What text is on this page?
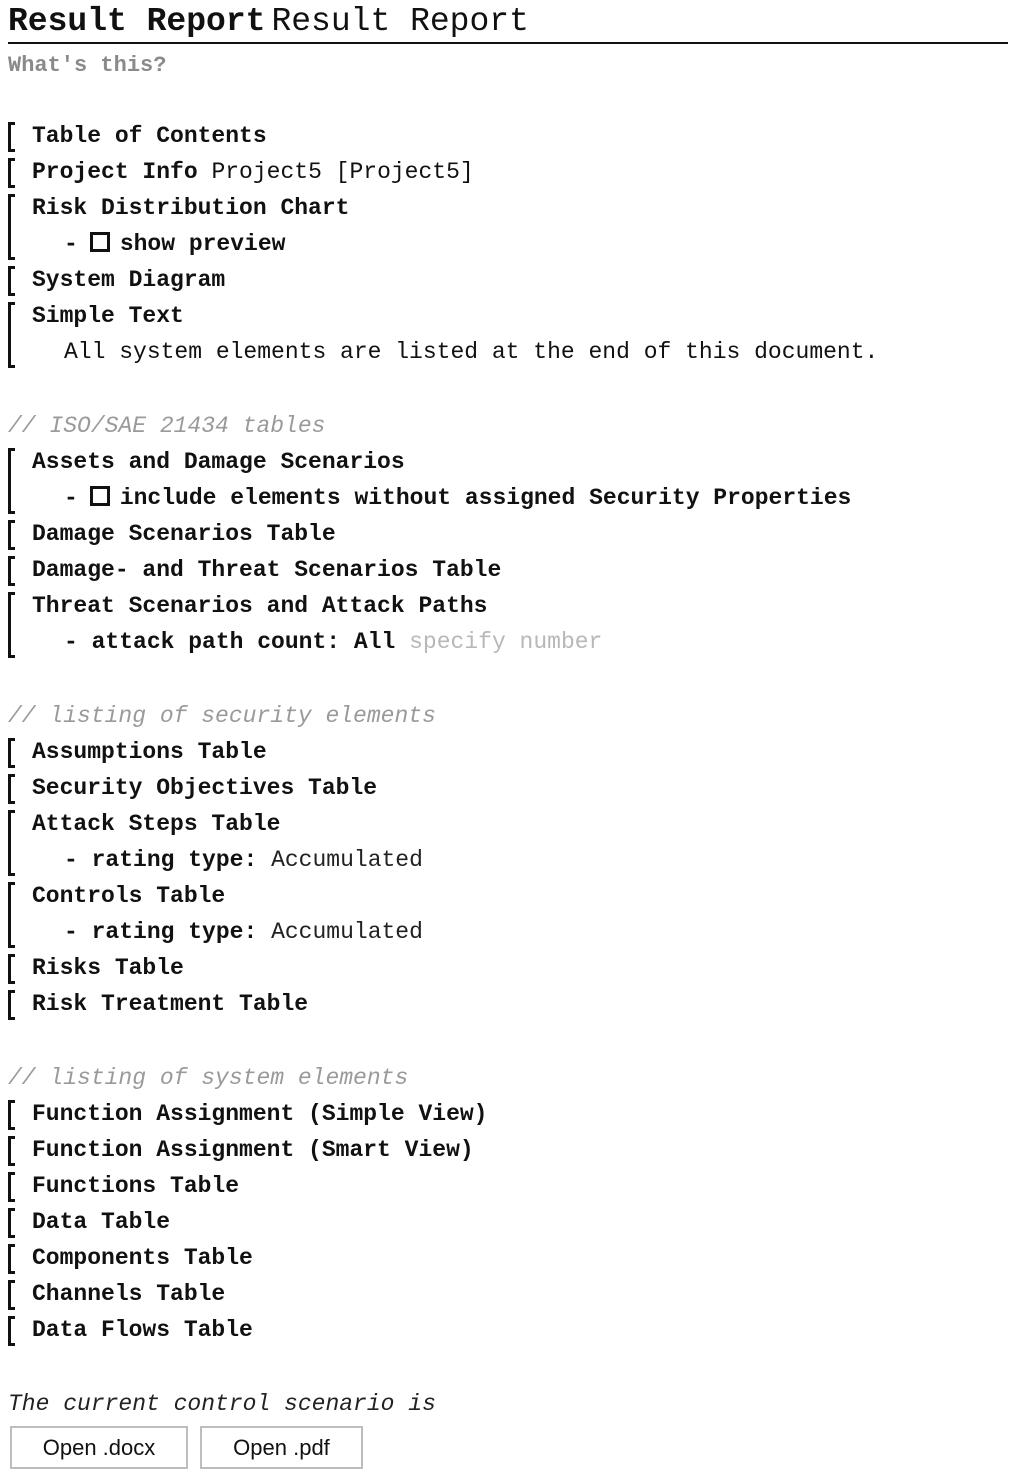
Result Report Result Report
What's this?
Table of Contents
Project Info Project5 [Project5]
Risk Distribution Chart
- show preview
System Diagram
Simple Text
All system elements are listed at the end of this document.
// ISO/SAE 21434 tables
Assets and Damage Scenarios
- include elements without assigned Security Properties
Damage Scenarios Table
Damage- and Threat Scenarios Table
Threat Scenarios and Attack Paths
- attack path count: All specify number
// listing of security elements
Assumptions Table
Security Objectives Table
Attack Steps Table
- rating type: Accumulated
Controls Table
- rating type: Accumulated
Risks Table
Risk Treatment Table
// listing of system elements
Function Assignment (Simple View)
Function Assignment (Smart View)
Functions Table
Data Table
Components Table
Channels Table
Data Flows Table
The current control scenario is
Open .docx	Open .pdf
